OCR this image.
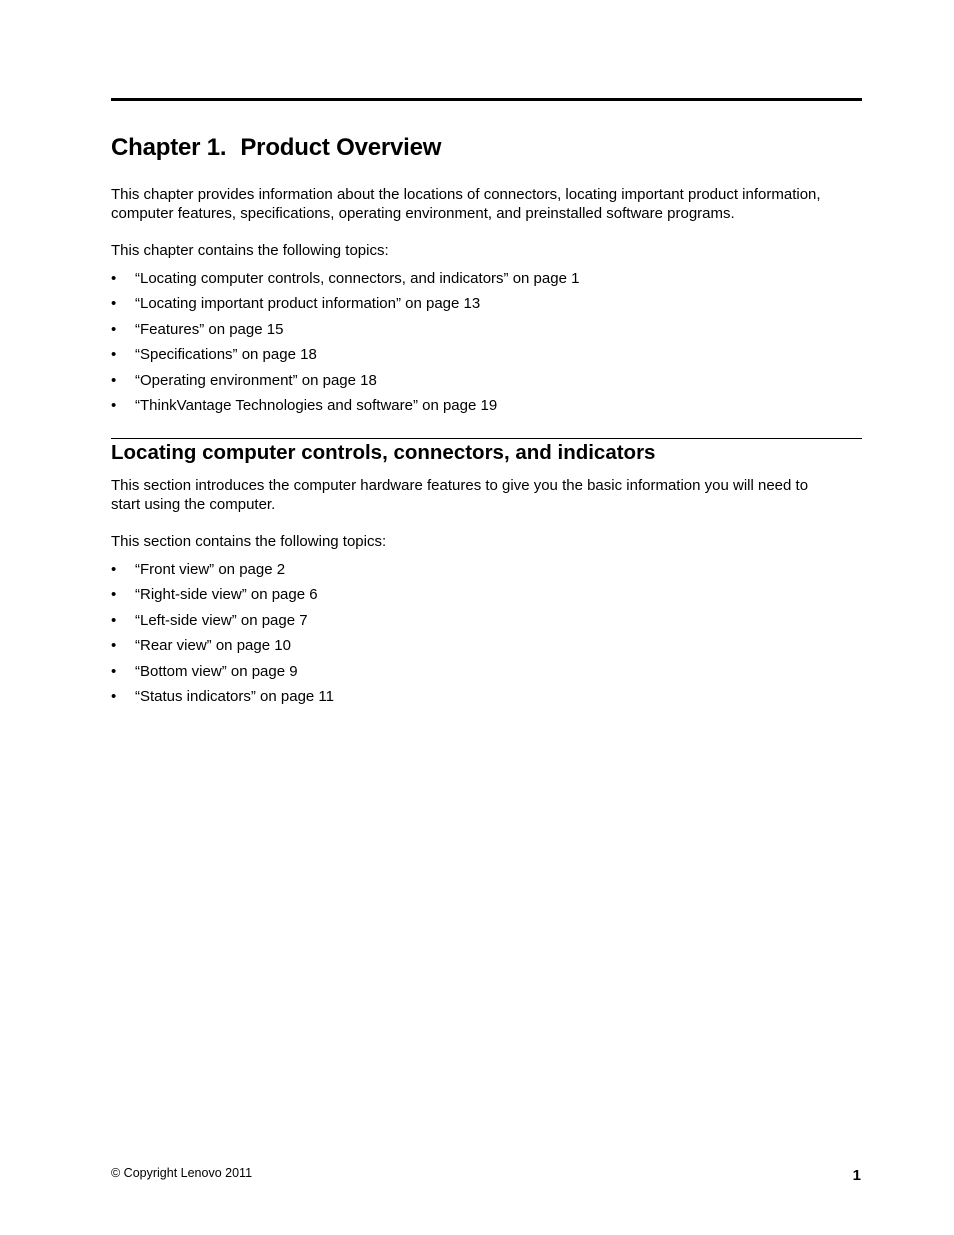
Chapter 1. Product Overview

This chapter provides information about the locations of connectors, locating important product information, computer features, specifications, operating environment, and preinstalled software programs.

This chapter contains the following topics:

• “Locating computer controls, connectors, and indicators” on page 1
• “Locating important product information” on page 13
• “Features” on page 15
• “Specifications” on page 18
• “Operating environment” on page 18
• “ThinkVantage Technologies and software” on page 19
Locating computer controls, connectors, and indicators

This section introduces the computer hardware features to give you the basic information you will need to start using the computer.

This section contains the following topics:

• “Front view” on page 2
• “Right-side view” on page 6
• “Left-side view” on page 7
• “Rear view” on page 10
• “Bottom view” on page 9
• “Status indicators” on page 11
© Copyright Lenovo 2011	1
